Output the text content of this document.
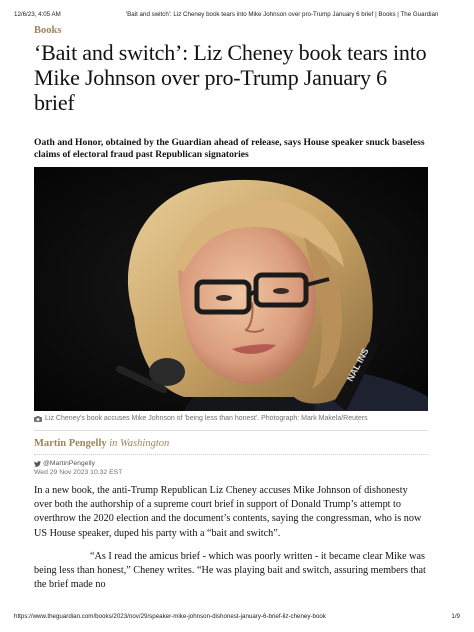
12/6/23, 4:05 AM	'Bait and switch': Liz Cheney book tears into Mike Johnson over pro-Trump January 6 brief | Books | The Guardian
Books
‘Bait and switch’: Liz Cheney book tears into Mike Johnson over pro-Trump January 6 brief

Oath and Honor, obtained by the Guardian ahead of release, says House speaker snuck baseless claims of electoral fraud past Republican signatories

NAL INS
Liz Cheney's book accuses Mike Johnson of 'being less than honest'. Photograph: Mark Makela/Reuters
Martin Pengelly in Washington
@MartinPengelly
Wed 29 Nov 2023 10.32 EST

In a new book, the anti-Trump Republican Liz Cheney accuses Mike Johnson of dishonesty over both the authorship of a supreme court brief in support of Donald Trump’s attempt to overthrow the 2020 election and the document’s contents, saying the congressman, who is now US House speaker, duped his party with a “bait and switch”.

“As I read the amicus brief - which was poorly written - it became clear Mike was being less than honest,” Cheney writes. “He was playing bait and switch, assuring members that the brief made no

https://www.theguardian.com/books/2023/nov/29/speaker-mike-johnson-dishonest-january-6-brief-liz-cheney-book	1/9
